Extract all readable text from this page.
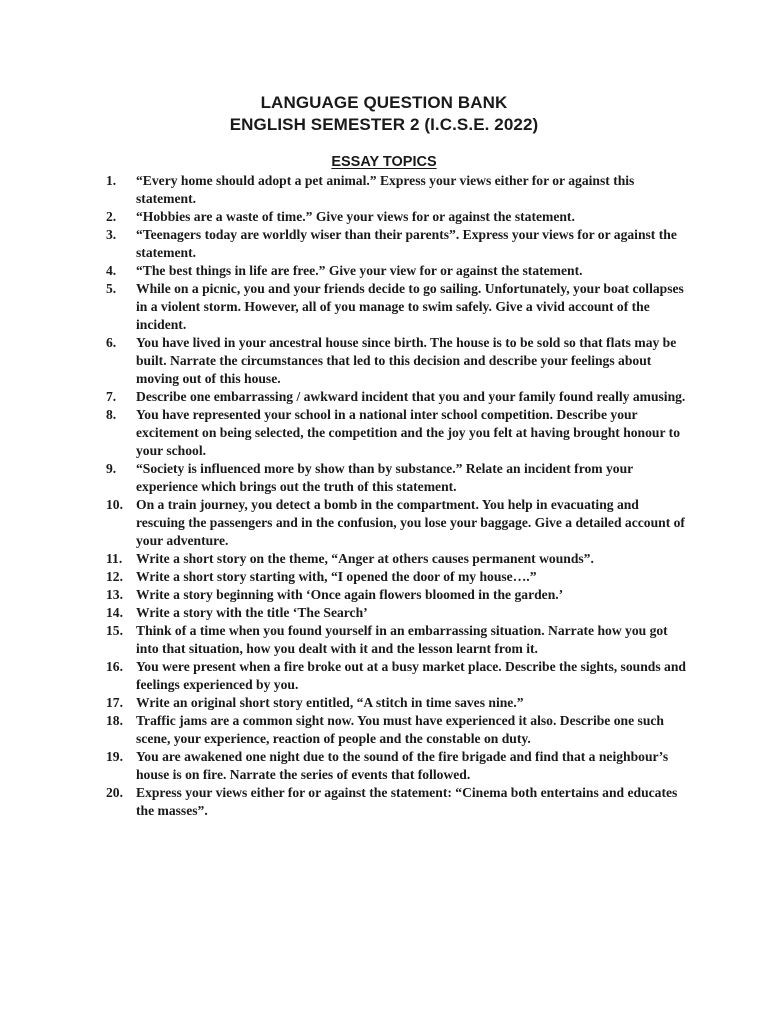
LANGUAGE QUESTION BANK
ENGLISH SEMESTER 2 (I.C.S.E. 2022)
ESSAY TOPICS
1.	“Every home should adopt a pet animal.” Express your views either for or against this statement.
2.	“Hobbies are a waste of time.” Give your views for or against the statement.
3.	“Teenagers today are worldly wiser than their parents”. Express your views for or against the statement.
4.	“The best things in life are free.” Give your view for or against the statement.
5.	While on a picnic, you and your friends decide to go sailing. Unfortunately, your boat collapses in a violent storm. However, all of you manage to swim safely. Give a vivid account of the incident.
6.	You have lived in your ancestral house since birth. The house is to be sold so that flats may be built. Narrate the circumstances that led to this decision and describe your feelings about moving out of this house.
7.	Describe one embarrassing / awkward incident that you and your family found really amusing.
8.	You have represented your school in a national inter school competition. Describe your excitement on being selected, the competition and the joy you felt at having brought honour to your school.
9.	“Society is influenced more by show than by substance.” Relate an incident from your experience which brings out the truth of this statement.
10. On a train journey, you detect a bomb in the compartment. You help in evacuating and rescuing the passengers and in the confusion, you lose your baggage. Give a detailed account of your adventure.
11.	Write a short story on the theme, “Anger at others causes permanent wounds”.
12. Write a short story starting with, “I opened the door of my house….”
13. Write a story beginning with ‘Once again flowers bloomed in the garden.’
14. Write a story with the title ‘The Search’
15. Think of a time when you found yourself in an embarrassing situation. Narrate how you got into that situation, how you dealt with it and the lesson learnt from it.
16. You were present when a fire broke out at a busy market place. Describe the sights, sounds and feelings experienced by you.
17. Write an original short story entitled, “A stitch in time saves nine.”
18. Traffic jams are a common sight now. You must have experienced it also. Describe one such scene, your experience, reaction of people and the constable on duty.
19. You are awakened one night due to the sound of the fire brigade and find that a neighbour’s house is on fire. Narrate the series of events that followed.
20. Express your views either for or against the statement: “Cinema both entertains and educates the masses”.
